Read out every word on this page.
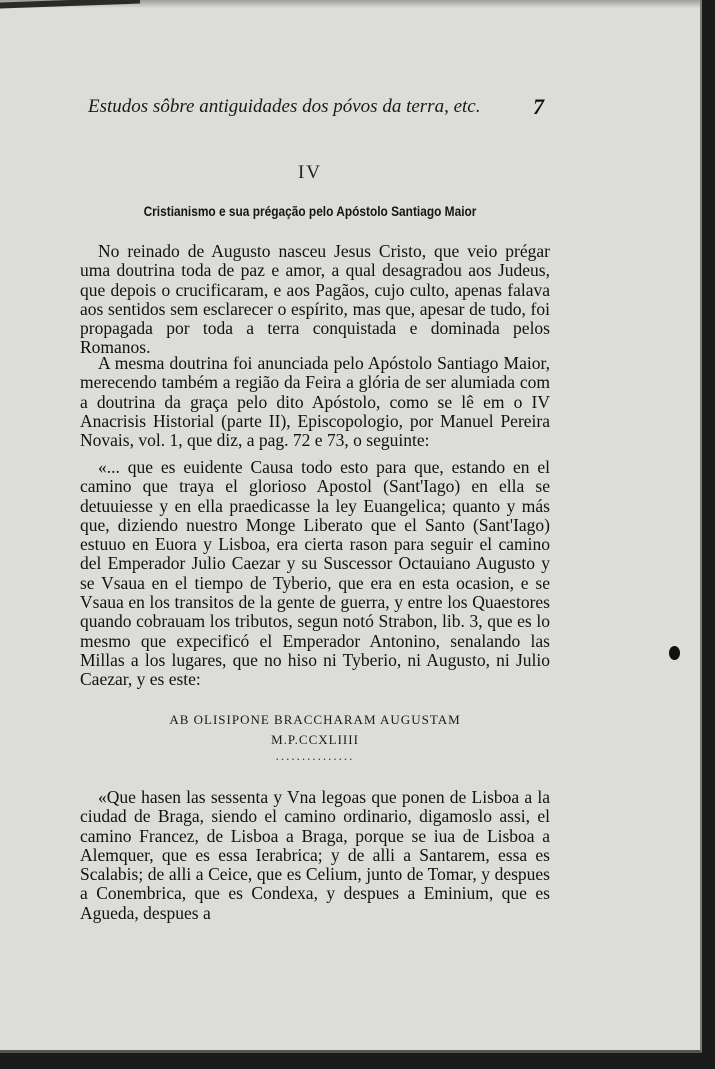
Estudos sôbre antiguidades dos póvos da terra, etc.	7
IV
Cristianismo e sua prégação pelo Apóstolo Santiago Maior

No reinado de Augusto nasceu Jesus Cristo, que veio prégar uma doutrina toda de paz e amor, a qual desagradou aos Judeus, que depois o crucificaram, e aos Pagãos, cujo culto, apenas falava aos sentidos sem esclarecer o espírito, mas que, apesar de tudo, foi propagada por toda a terra conquistada e dominada pelos Romanos.

A mesma doutrina foi anunciada pelo Apóstolo Santiago Maior, merecendo também a região da Feira a glória de ser alumiada com a doutrina da graça pelo dito Apóstolo, como se lê em o IV Anacrisis Historial (parte II), Episcopologio, por Manuel Pereira Novais, vol. 1, que diz, a pag. 72 e 73, o seguinte:

«... que es euidente Causa todo esto para que, estando en el camino que traya el glorioso Apostol (Sant'Iago) en ella se detuuiesse y en ella praedicasse la ley Euangelica; quanto y más que, diziendo nuestro Monge Liberato que el Santo (Sant'Iago) estuuo en Euora y Lisboa, era cierta rason para seguir el camino del Emperador Julio Caezar y su Suscessor Octauiano Augusto y se Vsaua en el tiempo de Tyberio, que era en esta ocasion, e se Vsaua en los transitos de la gente de guerra, y entre los Quaestores quando cobrauam los tributos, segun notó Strabon, lib. 3, que es lo mesmo que expecificó el Emperador Antonino, senalando las Millas a los lugares, que no hiso ni Tyberio, ni Augusto, ni Julio Caezar, y es este:

AB OLISIPONE BRACCHARAM AUGUSTAM
M.P.CCXLIIII
...............

«Que hasen las sessenta y Vna legoas que ponen de Lisboa a la ciudad de Braga, siendo el camino ordinario, digamoslo assi, el camino Francez, de Lisboa a Braga, porque se iua de Lisboa a Alemquer, que es essa Ierabrica; y de alli a Santarem, essa es Scalabis; de alli a Ceice, que es Celium, junto de Tomar, y despues a Conembrica, que es Condexa, y despues a Eminium, que es Agueda, despues a
